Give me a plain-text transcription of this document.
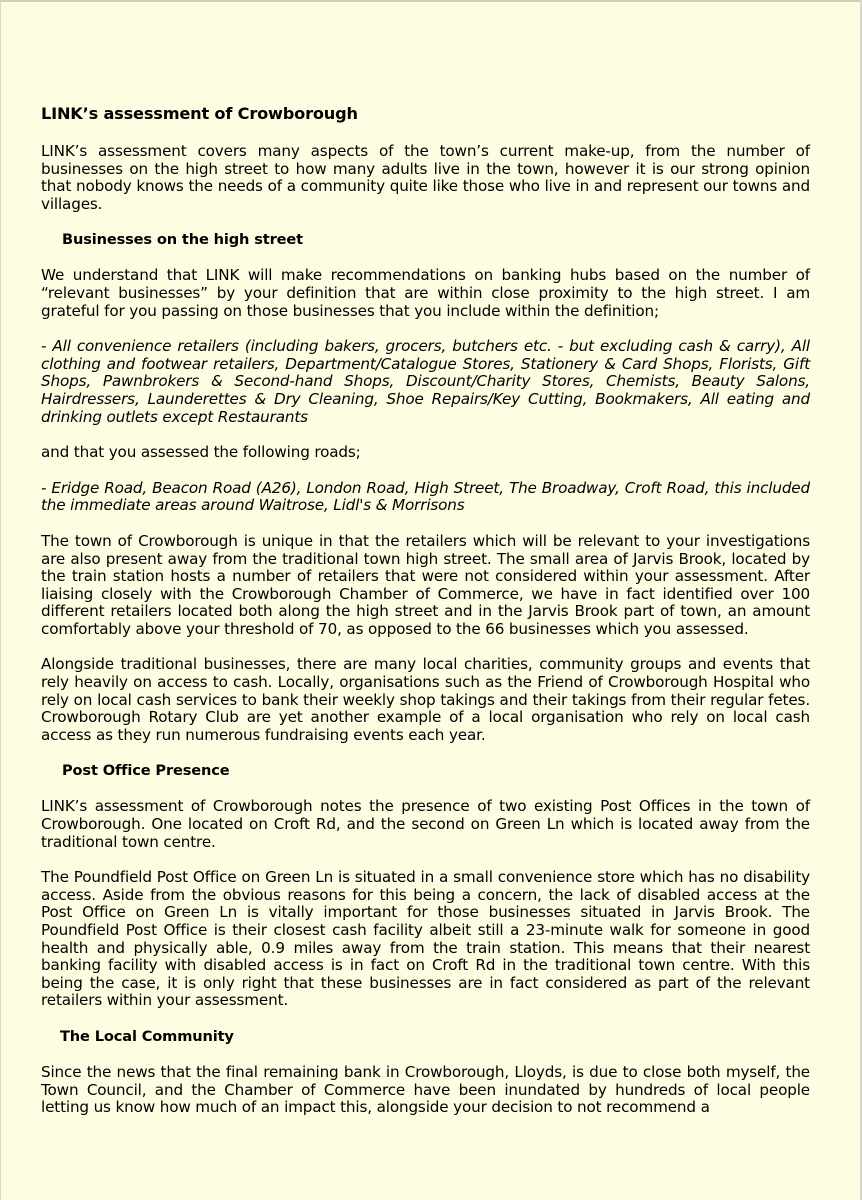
LINK’s assessment of Crowborough

LINK’s assessment covers many aspects of the town’s current make-up, from the number of businesses on the high street to how many adults live in the town, however it is our strong opinion that nobody knows the needs of a community quite like those who live in and represent our towns and villages.

Businesses on the high street

We understand that LINK will make recommendations on banking hubs based on the number of “relevant businesses” by your definition that are within close proximity to the high street. I am grateful for you passing on those businesses that you include within the definition;

- All convenience retailers (including bakers, grocers, butchers etc. - but excluding cash & carry), All clothing and footwear retailers, Department/Catalogue Stores, Stationery & Card Shops, Florists, Gift Shops, Pawnbrokers & Second-hand Shops, Discount/Charity Stores, Chemists, Beauty Salons, Hairdressers, Launderettes & Dry Cleaning, Shoe Repairs/Key Cutting, Bookmakers, All eating and drinking outlets except Restaurants

and that you assessed the following roads;

- Eridge Road, Beacon Road (A26), London Road, High Street, The Broadway, Croft Road, this included the immediate areas around Waitrose, Lidl's & Morrisons

The town of Crowborough is unique in that the retailers which will be relevant to your investigations are also present away from the traditional town high street. The small area of Jarvis Brook, located by the train station hosts a number of retailers that were not considered within your assessment. After liaising closely with the Crowborough Chamber of Commerce, we have in fact identified over 100 different retailers located both along the high street and in the Jarvis Brook part of town, an amount comfortably above your threshold of 70, as opposed to the 66 businesses which you assessed.

Alongside traditional businesses, there are many local charities, community groups and events that rely heavily on access to cash. Locally, organisations such as the Friend of Crowborough Hospital who rely on local cash services to bank their weekly shop takings and their takings from their regular fetes. Crowborough Rotary Club are yet another example of a local organisation who rely on local cash access as they run numerous fundraising events each year.

Post Office Presence

LINK’s assessment of Crowborough notes the presence of two existing Post Offices in the town of Crowborough. One located on Croft Rd, and the second on Green Ln which is located away from the traditional town centre.

The Poundfield Post Office on Green Ln is situated in a small convenience store which has no disability access. Aside from the obvious reasons for this being a concern, the lack of disabled access at the Post Office on Green Ln is vitally important for those businesses situated in Jarvis Brook. The Poundfield Post Office is their closest cash facility albeit still a 23-minute walk for someone in good health and physically able, 0.9 miles away from the train station. This means that their nearest banking facility with disabled access is in fact on Croft Rd in the traditional town centre. With this being the case, it is only right that these businesses are in fact considered as part of the relevant retailers within your assessment.

The Local Community

Since the news that the final remaining bank in Crowborough, Lloyds, is due to close both myself, the Town Council, and the Chamber of Commerce have been inundated by hundreds of local people letting us know how much of an impact this, alongside your decision to not recommend a
